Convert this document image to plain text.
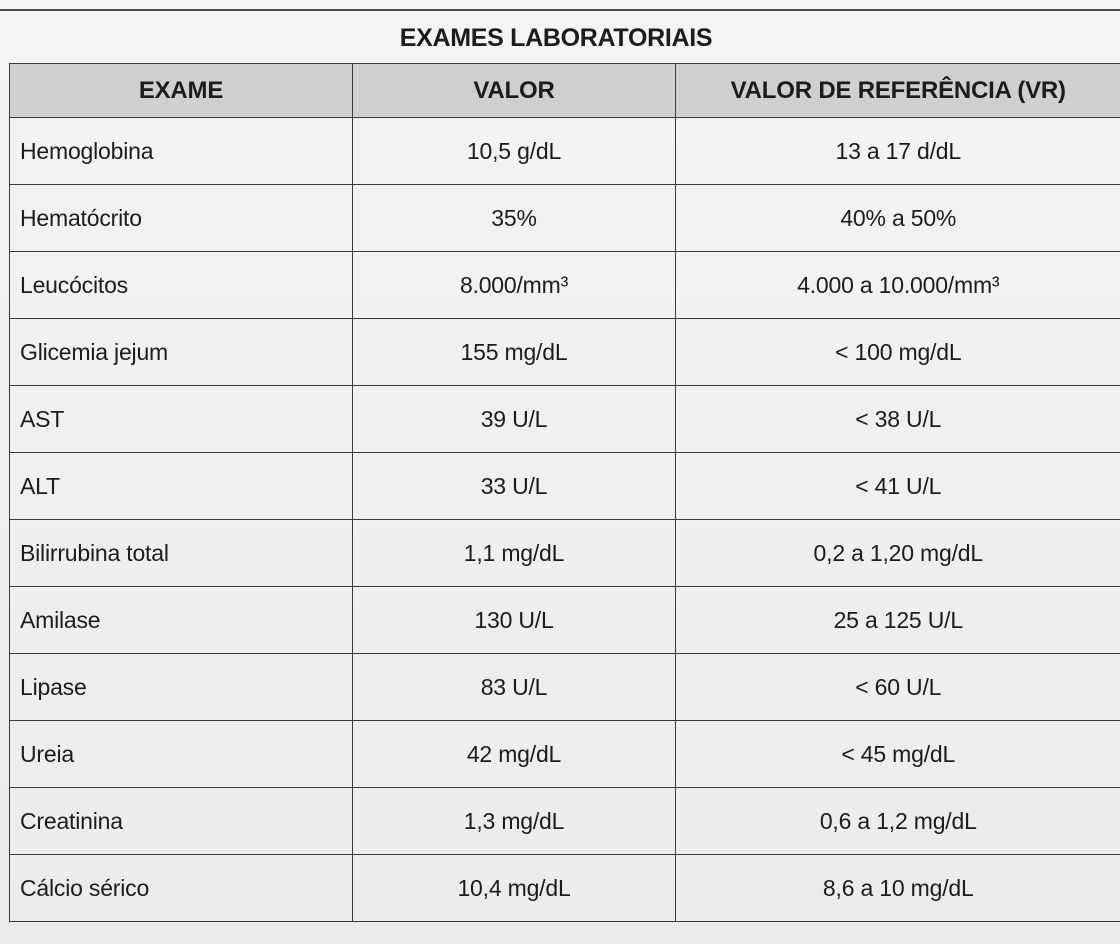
EXAMES LABORATORIAIS
EXAME	VALOR	VALOR DE REFERÊNCIA (VR)
Hemoglobina	10,5 g/dL	13 a 17 d/dL
Hematócrito	35%	40% a 50%
Leucócitos	8.000/mm³	4.000 a 10.000/mm³
Glicemia jejum	155 mg/dL	< 100 mg/dL
AST	39 U/L	< 38 U/L
ALT	33 U/L	< 41 U/L
Bilirrubina total	1,1 mg/dL	0,2 a 1,20 mg/dL
Amilase	130 U/L	25 a 125 U/L
Lipase	83 U/L	< 60 U/L
Ureia	42 mg/dL	< 45 mg/dL
Creatinina	1,3 mg/dL	0,6 a 1,2 mg/dL
Cálcio sérico	10,4 mg/dL	8,6 a 10 mg/dL
